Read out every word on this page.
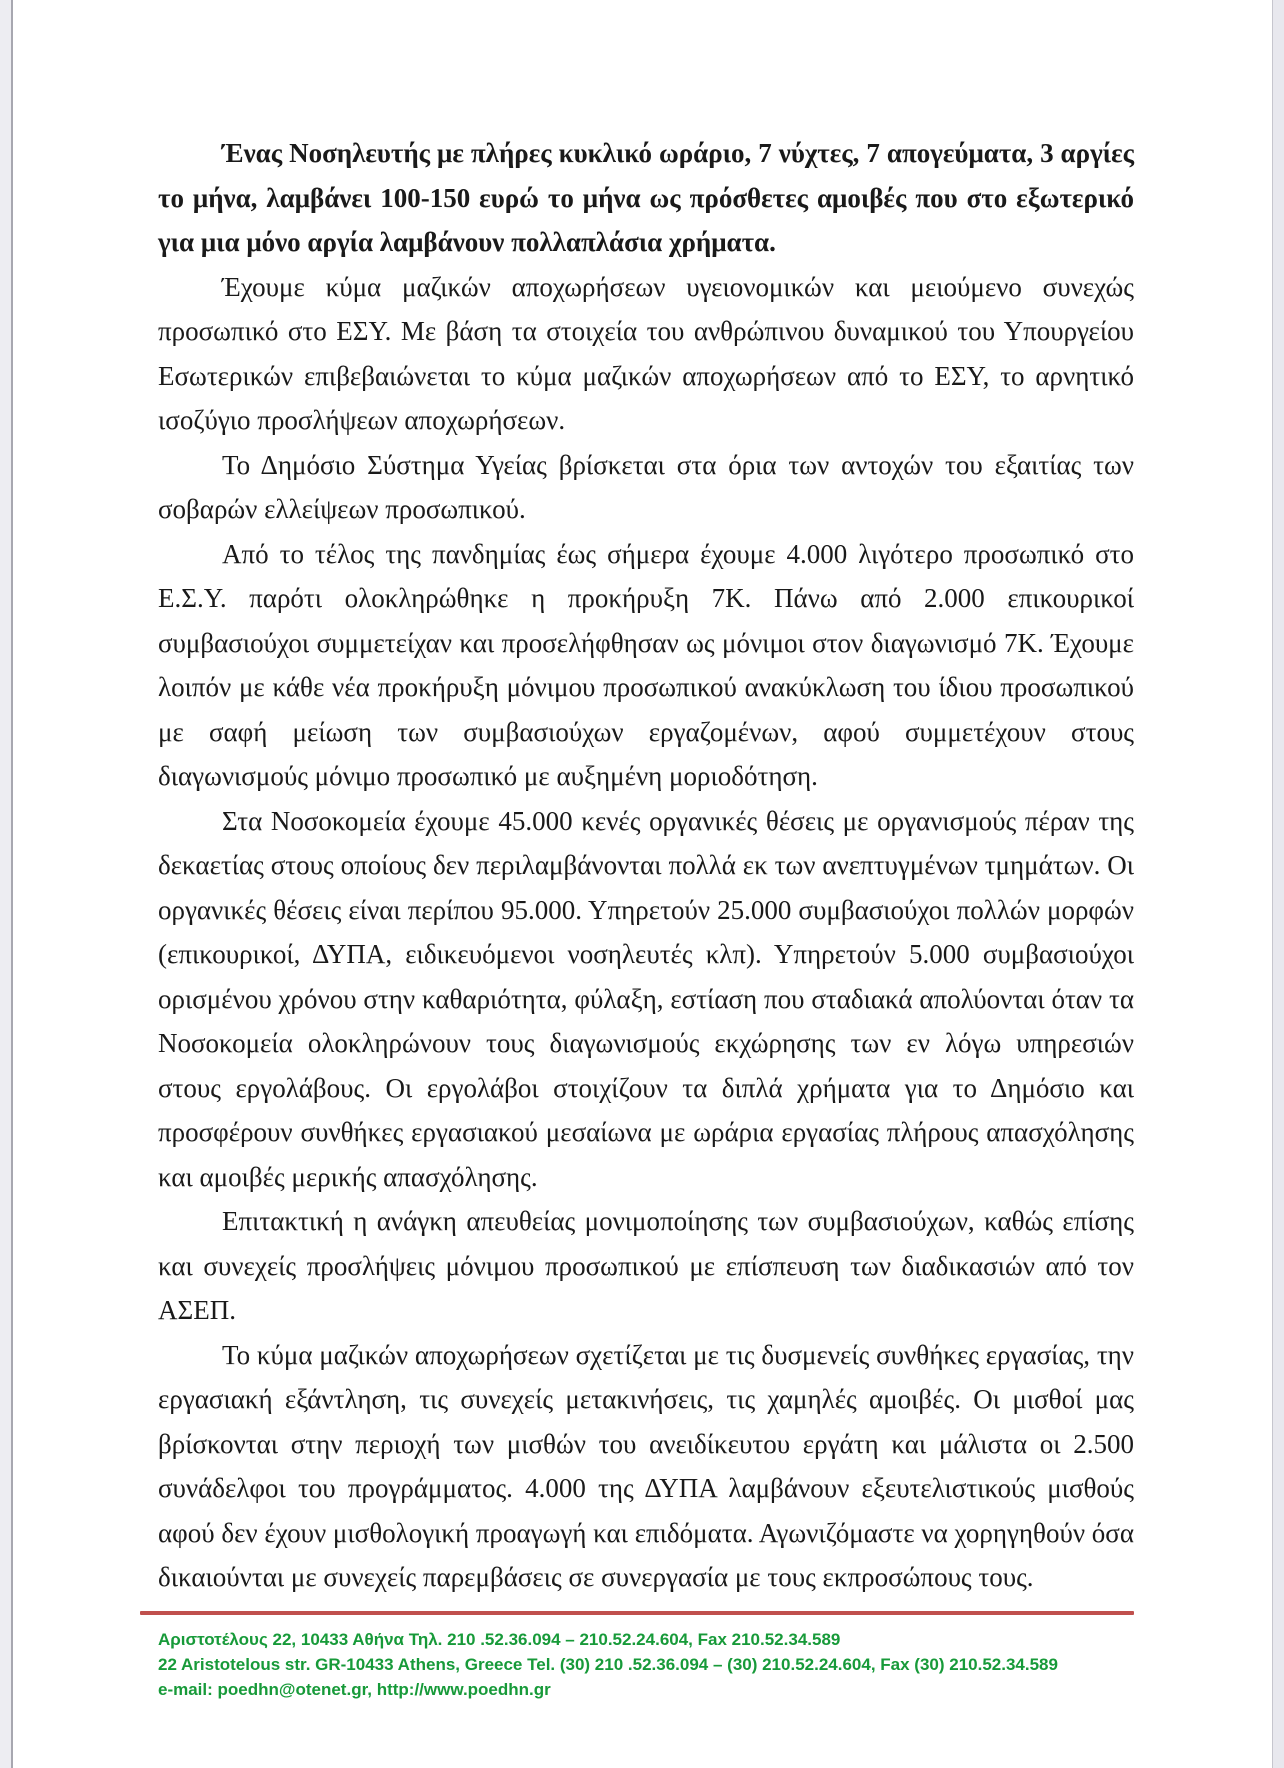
Ένας Νοσηλευτής με πλήρες κυκλικό ωράριο, 7 νύχτες, 7 απογεύματα, 3 αργίες το μήνα, λαμβάνει 100-150 ευρώ το μήνα ως πρόσθετες αμοιβές που στο εξωτερικό για μια μόνο αργία λαμβάνουν πολλαπλάσια χρήματα.

Έχουμε κύμα μαζικών αποχωρήσεων υγειονομικών και μειούμενο συνεχώς προσωπικό στο ΕΣΥ. Με βάση τα στοιχεία του ανθρώπινου δυναμικού του Υπουργείου Εσωτερικών επιβεβαιώνεται το κύμα μαζικών αποχωρήσεων από το ΕΣΥ, το αρνητικό ισοζύγιο προσλήψεων αποχωρήσεων.

Το Δημόσιο Σύστημα Υγείας βρίσκεται στα όρια των αντοχών του εξαιτίας των σοβαρών ελλείψεων προσωπικού.

Από το τέλος της πανδημίας έως σήμερα έχουμε 4.000 λιγότερο προσωπικό στο Ε.Σ.Υ. παρότι ολοκληρώθηκε η προκήρυξη 7Κ. Πάνω από 2.000 επικουρικοί συμβασιούχοι συμμετείχαν και προσελήφθησαν ως μόνιμοι στον διαγωνισμό 7Κ. Έχουμε λοιπόν με κάθε νέα προκήρυξη μόνιμου προσωπικού ανακύκλωση του ίδιου προσωπικού με σαφή μείωση των συμβασιούχων εργαζομένων, αφού συμμετέχουν στους διαγωνισμούς μόνιμο προσωπικό με αυξημένη μοριοδότηση.

Στα Νοσοκομεία έχουμε 45.000 κενές οργανικές θέσεις με οργανισμούς πέραν της δεκαετίας στους οποίους δεν περιλαμβάνονται πολλά εκ των ανεπτυγμένων τμημάτων. Οι οργανικές θέσεις είναι περίπου 95.000. Υπηρετούν 25.000 συμβασιούχοι πολλών μορφών (επικουρικοί, ΔΥΠΑ, ειδικευόμενοι νοσηλευτές κλπ). Υπηρετούν 5.000 συμβασιούχοι ορισμένου χρόνου στην καθαριότητα, φύλαξη, εστίαση που σταδιακά απολύονται όταν τα Νοσοκομεία ολοκληρώνουν τους διαγωνισμούς εκχώρησης των εν λόγω υπηρεσιών στους εργολάβους. Οι εργολάβοι στοιχίζουν τα διπλά χρήματα για το Δημόσιο και προσφέρουν συνθήκες εργασιακού μεσαίωνα με ωράρια εργασίας πλήρους απασχόλησης και αμοιβές μερικής απασχόλησης.

Επιτακτική η ανάγκη απευθείας μονιμοποίησης των συμβασιούχων, καθώς επίσης και συνεχείς προσλήψεις μόνιμου προσωπικού με επίσπευση των διαδικασιών από τον ΑΣΕΠ.

Το κύμα μαζικών αποχωρήσεων σχετίζεται με τις δυσμενείς συνθήκες εργασίας, την εργασιακή εξάντληση, τις συνεχείς μετακινήσεις, τις χαμηλές αμοιβές. Οι μισθοί μας βρίσκονται στην περιοχή των μισθών του ανειδίκευτου εργάτη και μάλιστα οι 2.500 συνάδελφοι του προγράμματος. 4.000 της ΔΥΠΑ λαμβάνουν εξευτελιστικούς μισθούς αφού δεν έχουν μισθολογική προαγωγή και επιδόματα. Αγωνιζόμαστε να χορηγηθούν όσα δικαιούνται με συνεχείς παρεμβάσεις σε συνεργασία με τους εκπροσώπους τους.

Αριστοτέλους 22, 10433 Αθήνα Τηλ. 210 .52.36.094 – 210.52.24.604, Fax 210.52.34.589
22 Aristotelous str. GR-10433 Athens, Greece Tel. (30) 210 .52.36.094 – (30) 210.52.24.604, Fax (30) 210.52.34.589
e-mail: poedhn@otenet.gr, http://www.poedhn.gr
